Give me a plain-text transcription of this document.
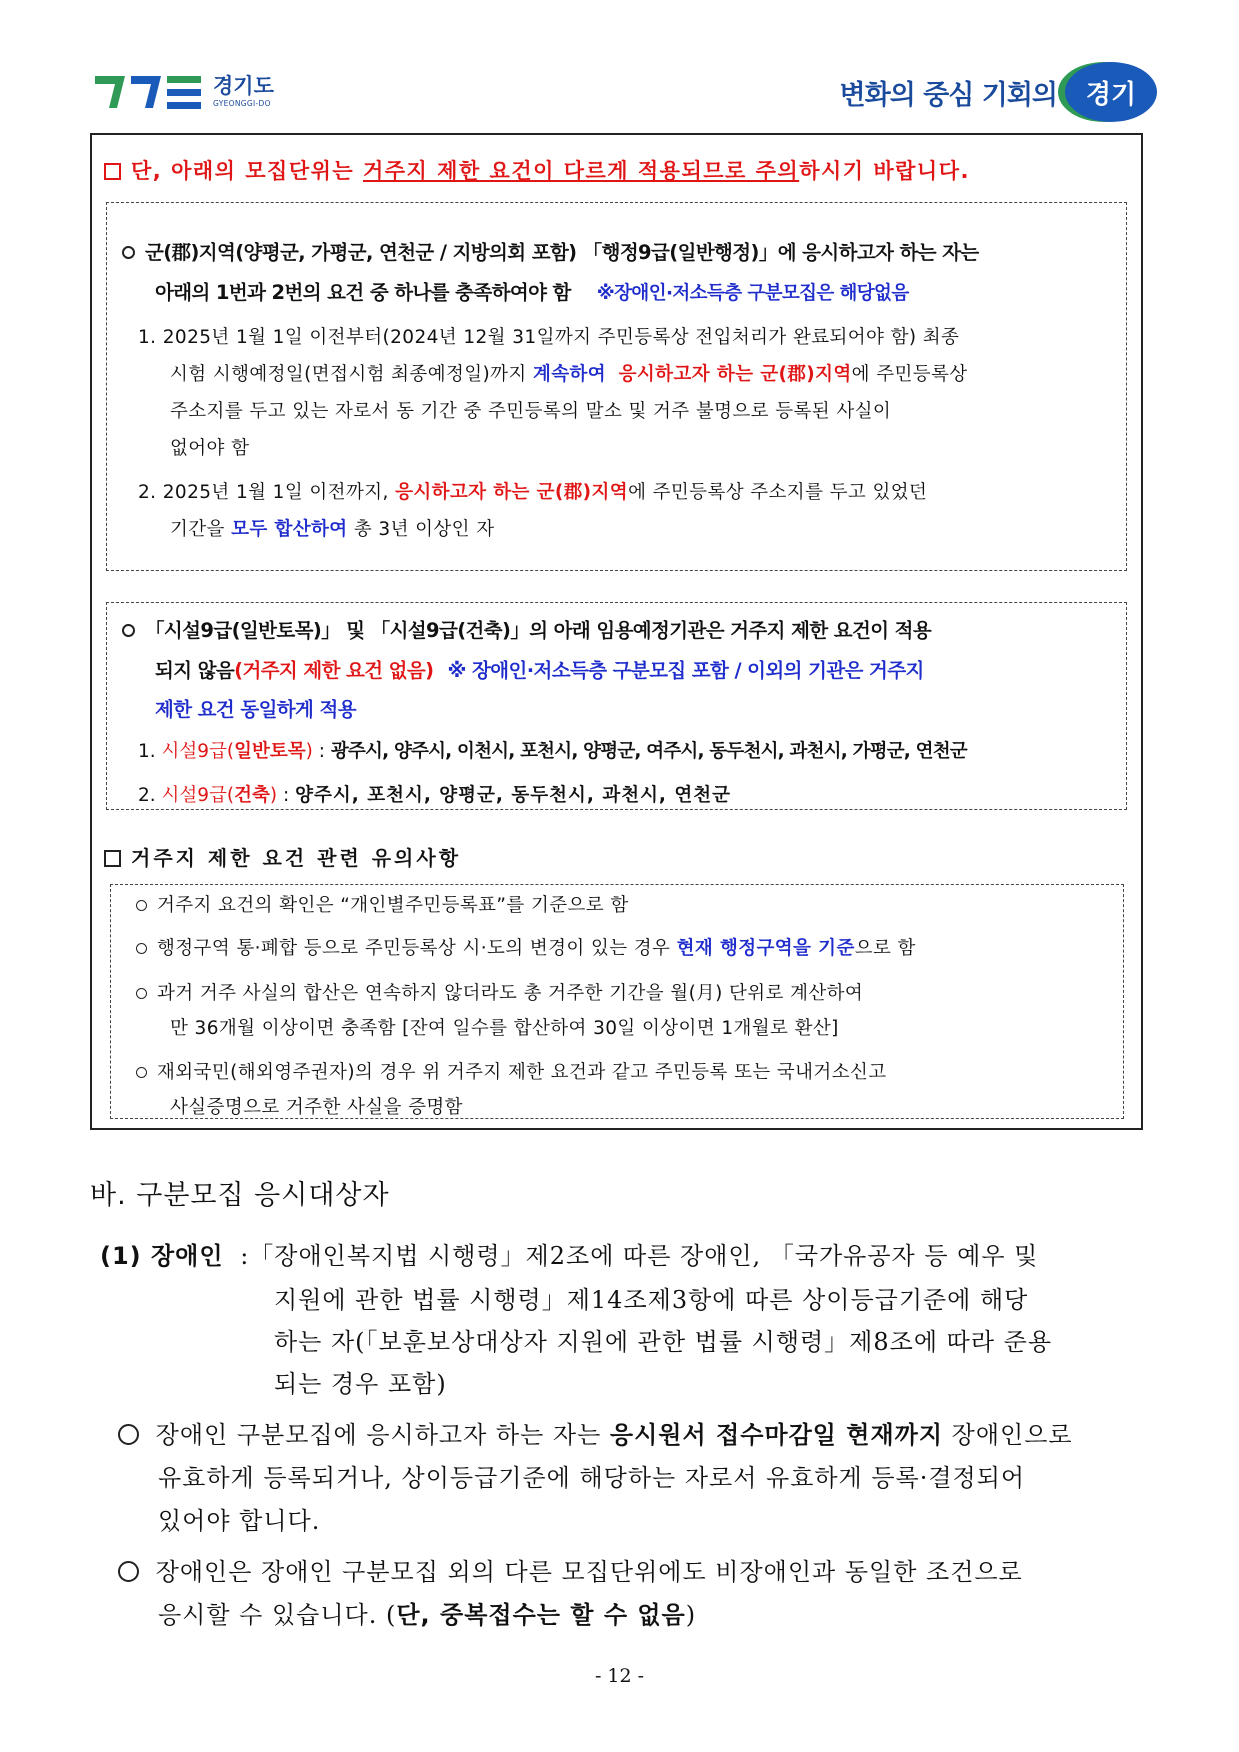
경기도
GYEONGGI-DO	변화의 중심 기회의	경기
단, 아래의 모집단위는 거주지 제한 요건이 다르게 적용되므로 주의하시기 바랍니다.
군(郡)지역(양평군, 가평군, 연천군 / 지방의회 포함) 「행정9급(일반행정)」에 응시하고자 하는 자는
아래의 1번과 2번의 요건 중 하나를 충족하여야 함 ※장애인·저소득층 구분모집은 해당없음
1. 2025년 1월 1일 이전부터(2024년 12월 31일까지 주민등록상 전입처리가 완료되어야 함) 최종
시험 시행예정일(면접시험 최종예정일)까지 계속하여 응시하고자 하는 군(郡)지역에 주민등록상
주소지를 두고 있는 자로서 동 기간 중 주민등록의 말소 및 거주 불명으로 등록된 사실이
없어야 함
2. 2025년 1월 1일 이전까지, 응시하고자 하는 군(郡)지역에 주민등록상 주소지를 두고 있었던
기간을 모두 합산하여 총 3년 이상인 자
「시설9급(일반토목)」 및 「시설9급(건축)」의 아래 임용예정기관은 거주지 제한 요건이 적용
되지 않음(거주지 제한 요건 없음) ※ 장애인·저소득층 구분모집 포함 / 이외의 기관은 거주지
제한 요건 동일하게 적용
1. 시설9급(일반토목) : 광주시, 양주시, 이천시, 포천시, 양평군, 여주시, 동두천시, 과천시, 가평군, 연천군
2. 시설9급(건축) : 양주시, 포천시, 양평군, 동두천시, 과천시, 연천군
거주지 제한 요건 관련 유의사항
거주지 요건의 확인은 “개인별주민등록표”를 기준으로 함
행정구역 통·폐합 등으로 주민등록상 시·도의 변경이 있는 경우 현재 행정구역을 기준으로 함
과거 거주 사실의 합산은 연속하지 않더라도 총 거주한 기간을 월(月) 단위로 계산하여
만 36개월 이상이면 충족함 [잔여 일수를 합산하여 30일 이상이면 1개월로 환산]
재외국민(해외영주권자)의 경우 위 거주지 제한 요건과 같고 주민등록 또는 국내거소신고
사실증명으로 거주한 사실을 증명함
바. 구분모집 응시대상자
(1) 장애인 :「장애인복지법 시행령」제2조에 따른 장애인, 「국가유공자 등 예우 및
지원에 관한 법률 시행령」제14조제3항에 따른 상이등급기준에 해당
하는 자(「보훈보상대상자 지원에 관한 법률 시행령」제8조에 따라 준용
되는 경우 포함)
장애인 구분모집에 응시하고자 하는 자는 응시원서 접수마감일 현재까지 장애인으로
유효하게 등록되거나, 상이등급기준에 해당하는 자로서 유효하게 등록·결정되어
있어야 합니다.
장애인은 장애인 구분모집 외의 다른 모집단위에도 비장애인과 동일한 조건으로
응시할 수 있습니다. (단, 중복접수는 할 수 없음)
- 12 -
